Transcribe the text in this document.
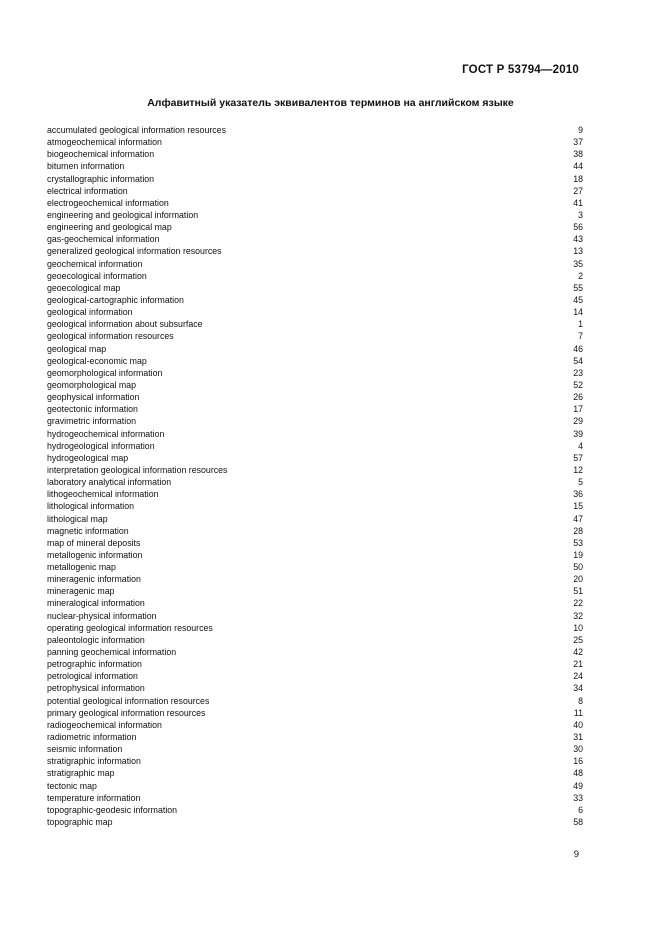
ГОСТ Р 53794—2010
Алфавитный указатель эквивалентов терминов на английском языке
accumulated geological information resources	9
atmogeochemical information	37
biogeochemical information	38
bitumen information	44
crystallographic information	18
electrical information	27
electrogeochemical information	41
engineering and geological information	3
engineering and geological map	56
gas-geochemical information	43
generalized geological information resources	13
geochemical information	35
geoecological information	2
geoecological map	55
geological-cartographic information	45
geological information	14
geological information about subsurface	1
geological information resources	7
geological map	46
geological-economic map	54
geomorphological information	23
geomorphological map	52
geophysical information	26
geotectonic information	17
gravimetric information	29
hydrogeochemical information	39
hydrogeological information	4
hydrogeological map	57
interpretation geological information resources	12
laboratory analytical information	5
lithogeochemical information	36
lithological information	15
lithological map	47
magnetic information	28
map of mineral deposits	53
metallogenic information	19
metallogenic map	50
mineragenic information	20
mineragenic map	51
mineralogical information	22
nuclear-physical information	32
operating geological information resources	10
paleontologic information	25
panning geochemical information	42
petrographic information	21
petrological information	24
petrophysical information	34
potential geological information resources	8
primary geological information resources	11
radiogeochemical information	40
radiometric information	31
seismic information	30
stratigraphic information	16
stratigraphic map	48
tectonic map	49
temperature information	33
topographic-geodesic information	6
topographic map	58
9
